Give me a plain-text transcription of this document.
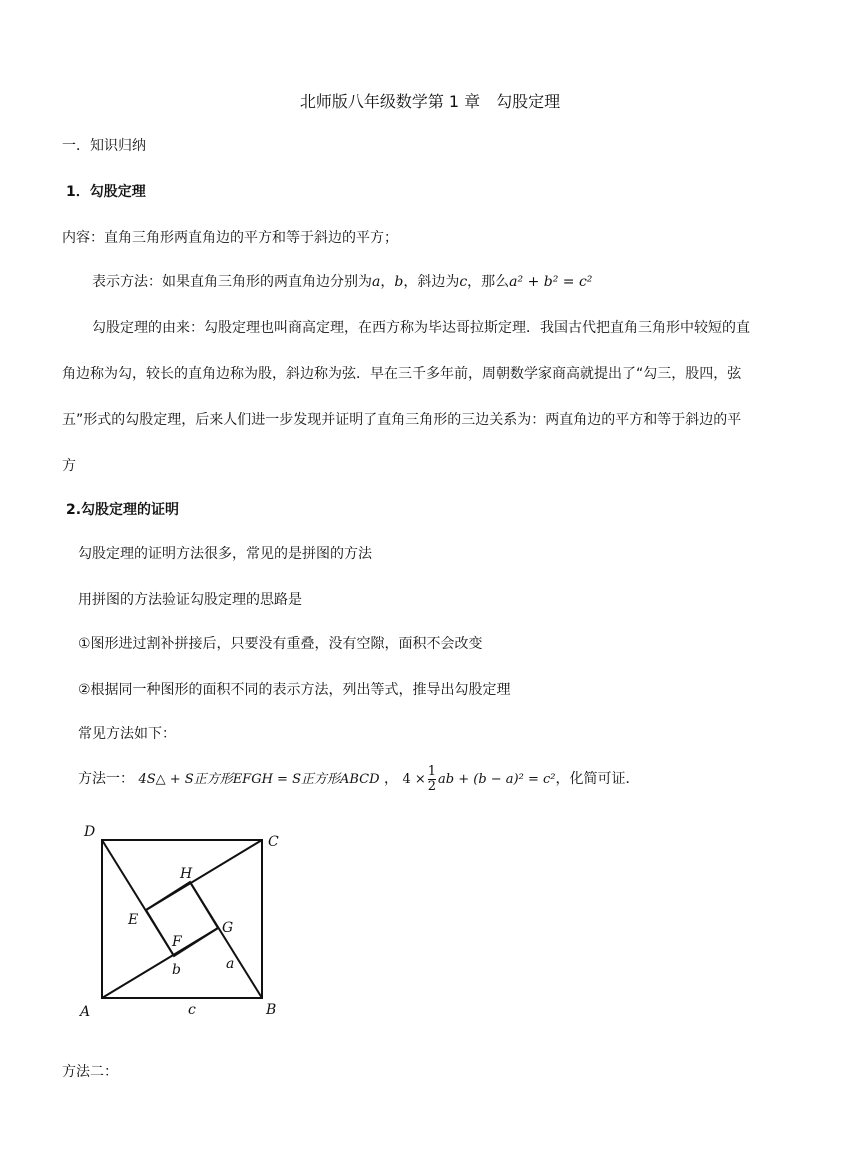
北师版八年级数学第 1 章　勾股定理
一．知识归纳
1．勾股定理
内容：直角三角形两直角边的平方和等于斜边的平方；
表示方法：如果直角三角形的两直角边分别为a，b，斜边为c，那么a² + b² = c²
勾股定理的由来：勾股定理也叫商高定理，在西方称为毕达哥拉斯定理．我国古代把直角三角形中较短的直
角边称为勾，较长的直角边称为股，斜边称为弦．早在三千多年前，周朝数学家商高就提出了“勾三，股四，弦
五”形式的勾股定理，后来人们进一步发现并证明了直角三角形的三边关系为：两直角边的平方和等于斜边的平
方
2.勾股定理的证明
勾股定理的证明方法很多，常见的是拼图的方法
用拼图的方法验证勾股定理的思路是
①图形进过割补拼接后，只要没有重叠，没有空隙，面积不会改变
②根据同一种图形的面积不同的表示方法，列出等式，推导出勾股定理
常见方法如下：
方法一： 4S△ + S正方形EFGH = S正方形ABCD ， $4 \times \frac{1}{2}$ ab + (b − a)² = c²，化简可证．
D
C
A	B
H
E
F
G
b	a
c
方法二：
